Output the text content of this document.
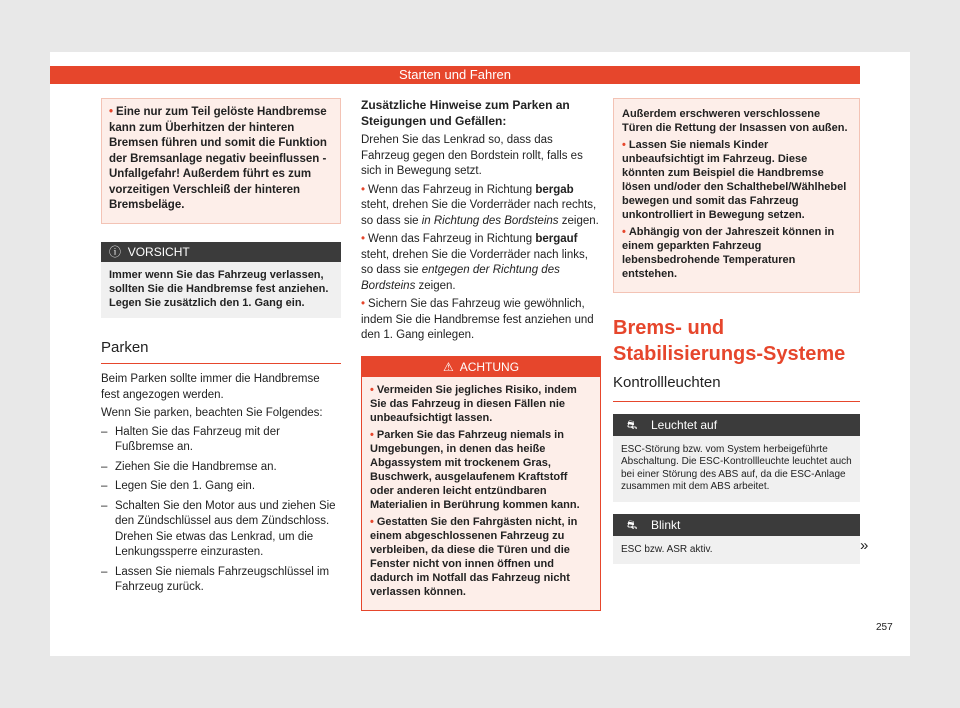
Starten und Fahren

• Eine nur zum Teil gelöste Handbremse kann zum Überhitzen der hinteren Bremsen führen und somit die Funktion der Bremsanlage negativ beeinflussen - Unfallgefahr! Außerdem führt es zum vorzeitigen Verschleiß der hinteren Bremsbeläge.

ⓘ VORSICHT
Immer wenn Sie das Fahrzeug verlassen, sollten Sie die Handbremse fest anziehen. Legen Sie zusätzlich den 1. Gang ein.
Parken

Beim Parken sollte immer die Handbremse fest angezogen werden.

Wenn Sie parken, beachten Sie Folgendes:

– Halten Sie das Fahrzeug mit der Fußbremse an.
– Ziehen Sie die Handbremse an.
– Legen Sie den 1. Gang ein.
– Schalten Sie den Motor aus und ziehen Sie den Zündschlüssel aus dem Zündschloss. Drehen Sie etwas das Lenkrad, um die Lenkungssperre einzurasten.
– Lassen Sie niemals Fahrzeugschlüssel im Fahrzeug zurück.

Zusätzliche Hinweise zum Parken an Steigungen und Gefällen:

Drehen Sie das Lenkrad so, dass das Fahrzeug gegen den Bordstein rollt, falls es sich in Bewegung setzt.

• Wenn das Fahrzeug in Richtung bergab steht, drehen Sie die Vorderräder nach rechts, so dass sie in Richtung des Bordsteins zeigen.

• Wenn das Fahrzeug in Richtung bergauf steht, drehen Sie die Vorderräder nach links, so dass sie entgegen der Richtung des Bordsteins zeigen.

• Sichern Sie das Fahrzeug wie gewöhnlich, indem Sie die Handbremse fest anziehen und den 1. Gang einlegen.

⚠ ACHTUNG

• Vermeiden Sie jegliches Risiko, indem Sie das Fahrzeug in diesen Fällen nie unbeaufsichtigt lassen.

• Parken Sie das Fahrzeug niemals in Umgebungen, in denen das heiße Abgassystem mit trockenem Gras, Buschwerk, ausgelaufenem Kraftstoff oder anderen leicht entzündbaren Materialien in Berührung kommen kann.

• Gestatten Sie den Fahrgästen nicht, in einem abgeschlossenen Fahrzeug zu verbleiben, da diese die Türen und die Fenster nicht von innen öffnen und dadurch im Notfall das Fahrzeug nicht verlassen können.

Außerdem erschweren verschlossene Türen die Rettung der Insassen von außen.

• Lassen Sie niemals Kinder unbeaufsichtigt im Fahrzeug. Diese könnten zum Beispiel die Handbremse lösen und/oder den Schalthebel/Wählhebel bewegen und somit das Fahrzeug unkontrolliert in Bewegung setzen.

• Abhängig von der Jahreszeit können in einem geparkten Fahrzeug lebensbedrohende Temperaturen entstehen.

Brems- und Stabilisierungs-Systeme
Kontrollleuchten
⛐	Leuchtet auf
ESC-Störung bzw. vom System herbeigeführte Abschaltung. Die ESC-Kontrollleuchte leuchtet auch bei einer Störung des ABS auf, da die ESC-Anlage zusammen mit dem ABS arbeitet.
⛐	Blinkt
ESC bzw. ASR aktiv.	»
257
